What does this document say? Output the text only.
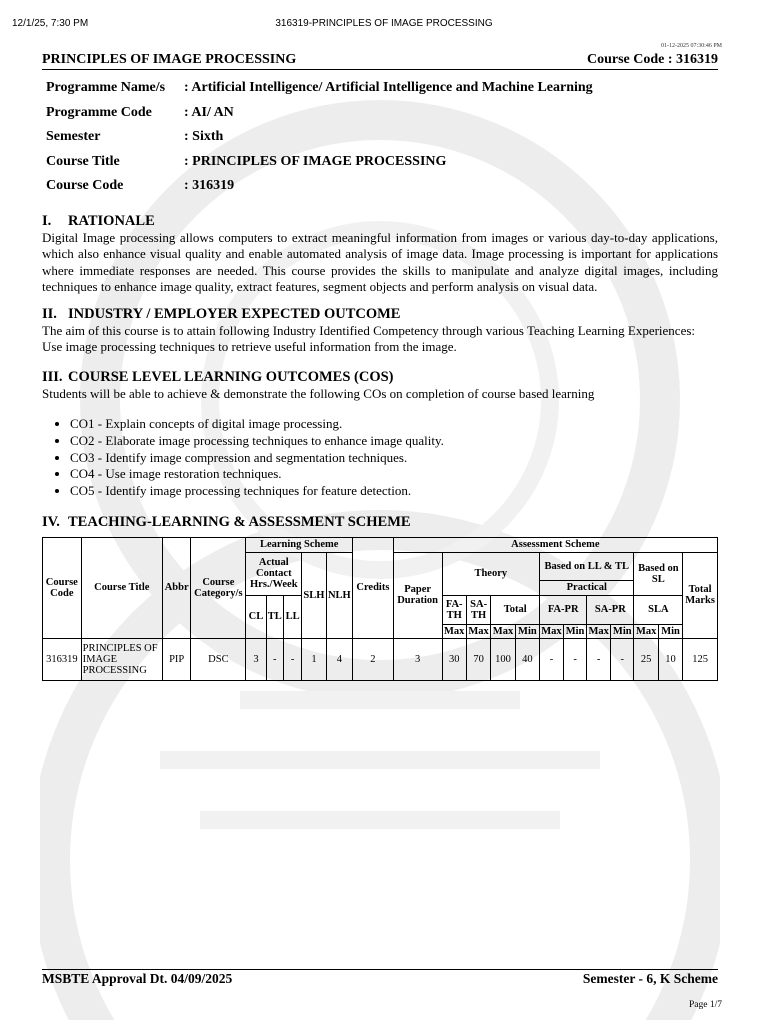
12/1/25, 7:30 PM	316319-PRINCIPLES OF IMAGE PROCESSING
01-12-2025 07:30:46 PM
PRINCIPLES OF IMAGE PROCESSING	Course Code : 316319
Programme Name/s	: Artificial Intelligence/ Artificial Intelligence and Machine Learning
Programme Code	: AI/ AN
Semester	: Sixth
Course Title	: PRINCIPLES OF IMAGE PROCESSING
Course Code	: 316319
I. RATIONALE

Digital Image processing allows computers to extract meaningful information from images or various day-to-day applications, which also enhance visual quality and enable automated analysis of image data. Image processing is important for applications where immediate responses are needed. This course provides the skills to manipulate and analyze digital images, including techniques to enhance image quality, extract features, segment objects and perform analysis on visual data.

II. INDUSTRY / EMPLOYER EXPECTED OUTCOME

The aim of this course is to attain following Industry Identified Competency through various Teaching Learning Experiences:

Use image processing techniques to retrieve useful information from the image.

III. COURSE LEVEL LEARNING OUTCOMES (COS)

Students will be able to achieve & demonstrate the following COs on completion of course based learning

• CO1 - Explain concepts of digital image processing.
• CO2 - Elaborate image processing techniques to enhance image quality.
• CO3 - Identify image compression and segmentation techniques.
• CO4 - Use image restoration techniques.
• CO5 - Identify image processing techniques for feature detection.
IV. TEACHING-LEARNING & ASSESSMENT SCHEME
Course Code	Course Title	Abbr	Course Category/s	Learning Scheme					Credits	Assessment Scheme											
				Actual Contact Hrs./Week			SLH	NLH		Paper Duration	Theory				Based on LL & TL				Based on SL		Total Marks
															Practical						
				CL	TL	LL					FA-TH	SA-TH	Total		FA-PR		SA-PR		SLA		
											Max	Max	Max	Min	Max	Min	Max	Min	Max	Min	
316319	PRINCIPLES OF IMAGE PROCESSING	PIP	DSC	3	-	-	1	4	2	3	30	70	100	40	-	-	-	-	25	10	125
MSBTE Approval Dt. 04/09/2025	Semester - 6, K Scheme
Page 1/7
